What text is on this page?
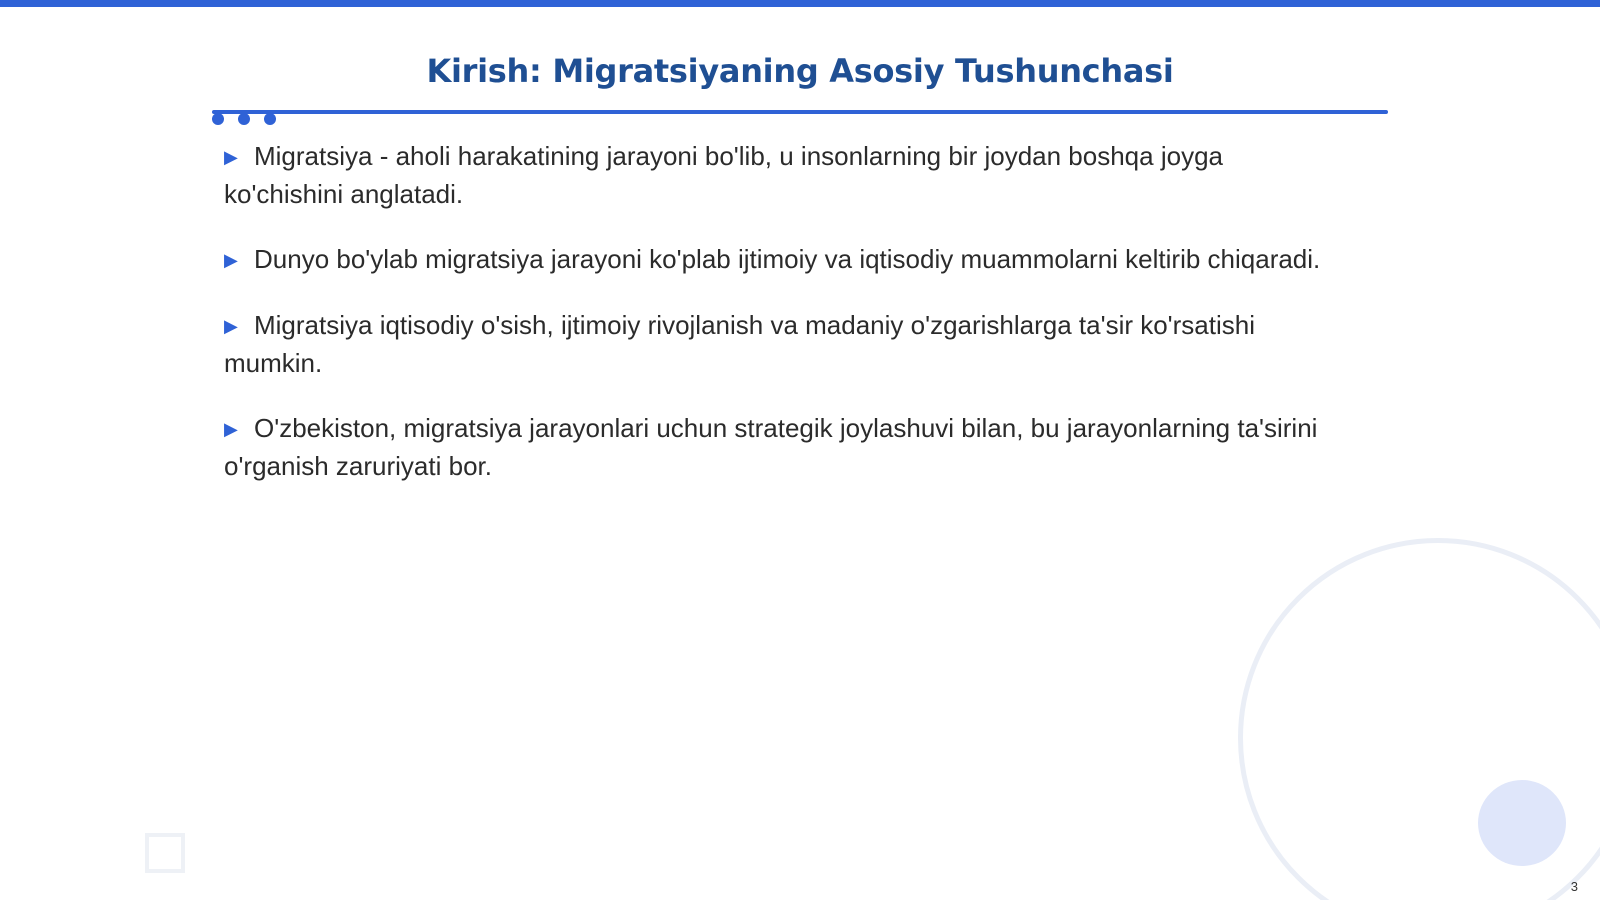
Kirish: Migratsiyaning Asosiy Tushunchasi
▶ Migratsiya - aholi harakatining jarayoni bo'lib, u insonlarning bir joydan boshqa joyga ko'chishini anglatadi.
▶ Dunyo bo'ylab migratsiya jarayoni ko'plab ijtimoiy va iqtisodiy muammolarni keltirib chiqaradi.
▶ Migratsiya iqtisodiy o'sish, ijtimoiy rivojlanish va madaniy o'zgarishlarga ta'sir ko'rsatishi mumkin.
▶ O'zbekiston, migratsiya jarayonlari uchun strategik joylashuvi bilan, bu jarayonlarning ta'sirini o'rganish zaruriyati bor.
3
